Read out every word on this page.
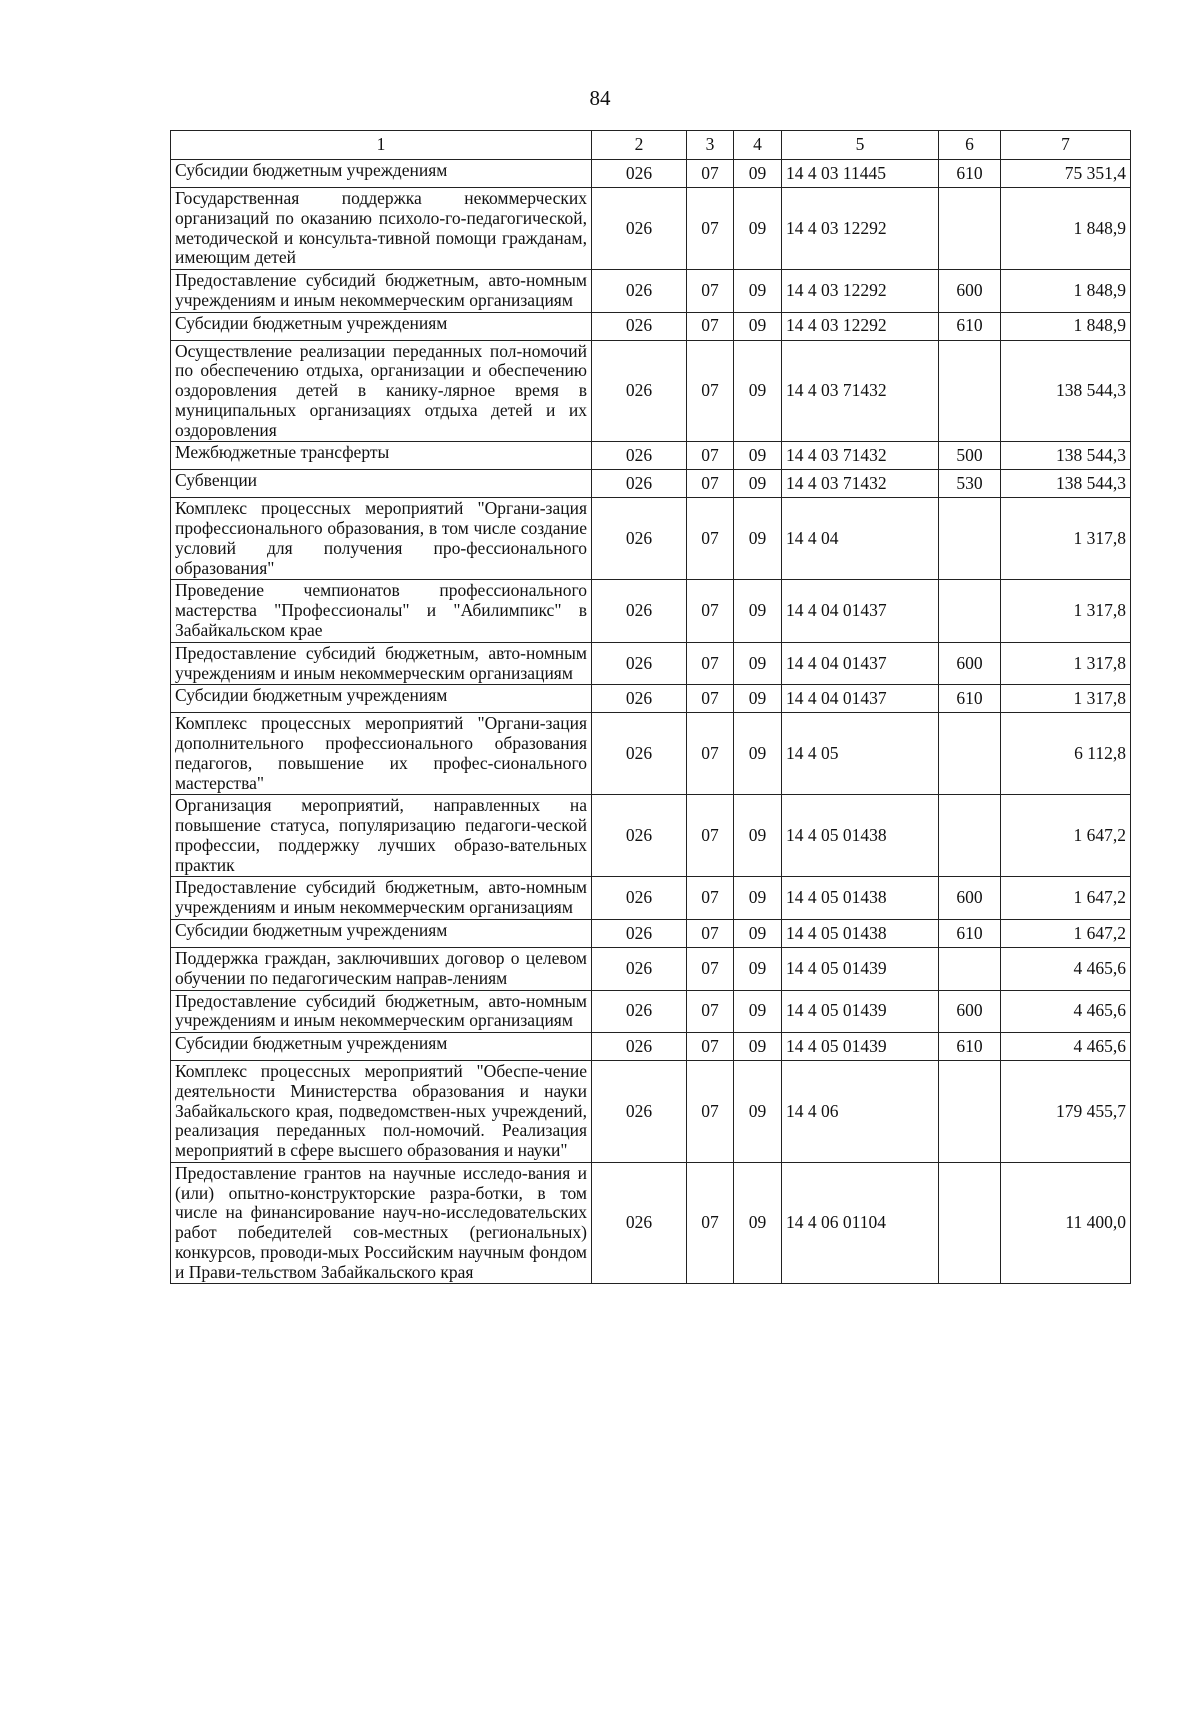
84
1	2	3	4	5	6	7
Субсидии бюджетным учреждениям	026	07	09	14 4 03 11445	610	75 351,4
Государственная поддержка некоммерческих организаций по оказанию психоло-го-педагогической, методической и консульта-тивной помощи гражданам, имеющим детей	026	07	09	14 4 03 12292		1 848,9
Предоставление субсидий бюджетным, авто-номным учреждениям и иным некоммерческим организациям	026	07	09	14 4 03 12292	600	1 848,9
Субсидии бюджетным учреждениям	026	07	09	14 4 03 12292	610	1 848,9
Осуществление реализации переданных пол-номочий по обеспечению отдыха, организации и обеспечению оздоровления детей в канику-лярное время в муниципальных организациях отдыха детей и их оздоровления	026	07	09	14 4 03 71432		138 544,3
Межбюджетные трансферты	026	07	09	14 4 03 71432	500	138 544,3
Субвенции	026	07	09	14 4 03 71432	530	138 544,3
Комплекс процессных мероприятий "Органи-зация профессионального образования, в том числе создание условий для получения про-фессионального образования"	026	07	09	14 4 04		1 317,8
Проведение чемпионатов профессионального мастерства "Профессионалы" и "Абилимпикс" в Забайкальском крае	026	07	09	14 4 04 01437		1 317,8
Предоставление субсидий бюджетным, авто-номным учреждениям и иным некоммерческим организациям	026	07	09	14 4 04 01437	600	1 317,8
Субсидии бюджетным учреждениям	026	07	09	14 4 04 01437	610	1 317,8
Комплекс процессных мероприятий "Органи-зация дополнительного профессионального образования педагогов, повышение их профес-сионального мастерства"	026	07	09	14 4 05		6 112,8
Организация мероприятий, направленных на повышение статуса, популяризацию педагоги-ческой профессии, поддержку лучших образо-вательных практик	026	07	09	14 4 05 01438		1 647,2
Предоставление субсидий бюджетным, авто-номным учреждениям и иным некоммерческим организациям	026	07	09	14 4 05 01438	600	1 647,2
Субсидии бюджетным учреждениям	026	07	09	14 4 05 01438	610	1 647,2
Поддержка граждан, заключивших договор о целевом обучении по педагогическим направ-лениям	026	07	09	14 4 05 01439		4 465,6
Предоставление субсидий бюджетным, авто-номным учреждениям и иным некоммерческим организациям	026	07	09	14 4 05 01439	600	4 465,6
Субсидии бюджетным учреждениям	026	07	09	14 4 05 01439	610	4 465,6
Комплекс процессных мероприятий "Обеспе-чение деятельности Министерства образования и науки Забайкальского края, подведомствен-ных учреждений, реализация переданных пол-номочий. Реализация мероприятий в сфере высшего образования и науки"	026	07	09	14 4 06		179 455,7
Предоставление грантов на научные исследо-вания и (или) опытно-конструкторские разра-ботки, в том числе на финансирование науч-но-исследовательских работ победителей сов-местных (региональных) конкурсов, проводи-мых Российским научным фондом и Прави-тельством Забайкальского края	026	07	09	14 4 06 01104		11 400,0
